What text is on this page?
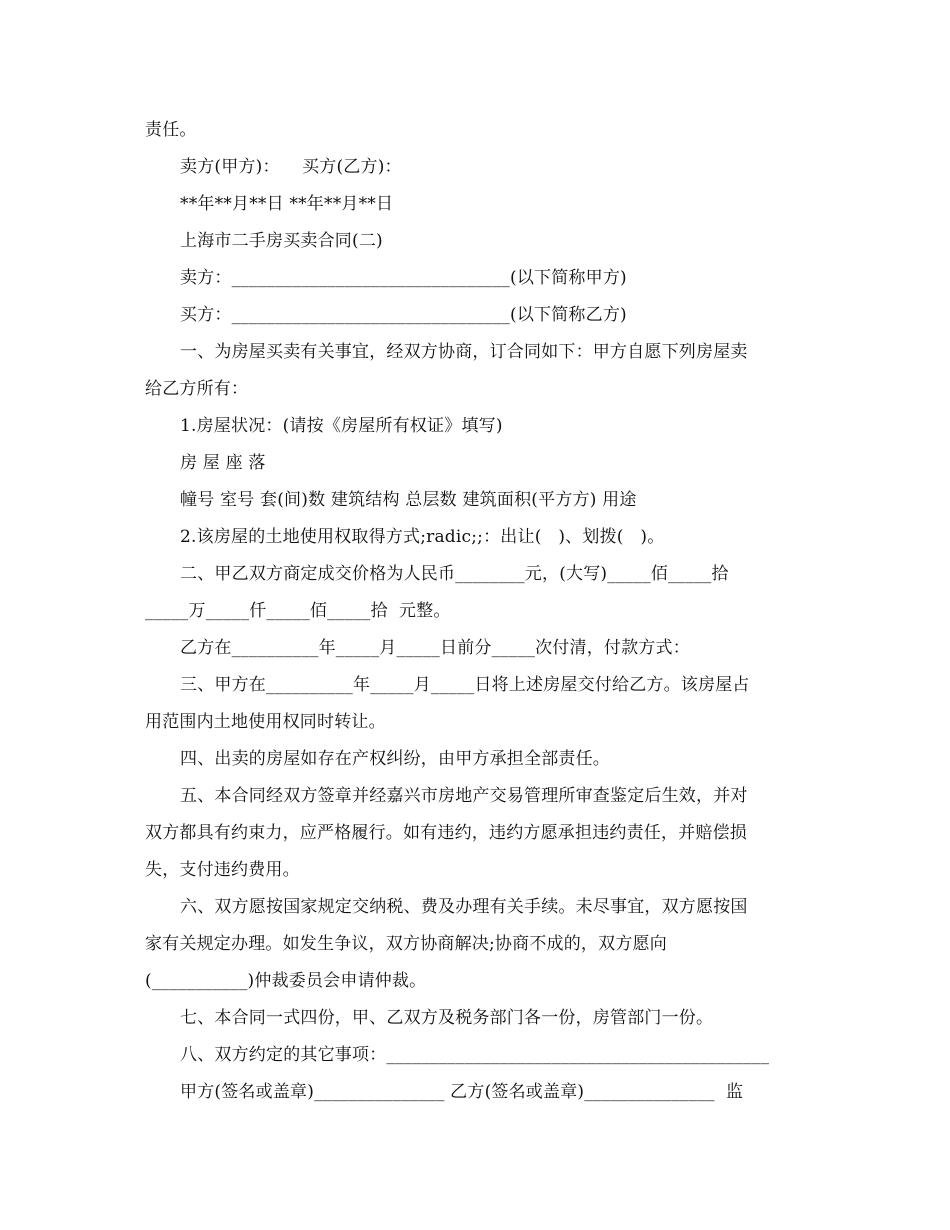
责任。
卖方(甲方)：    买方(乙方)：
**年**月**日 **年**月**日
上海市二手房买卖合同(二)
卖方：________________________________(以下简称甲方)
买方：________________________________(以下简称乙方)
一、为房屋买卖有关事宜，经双方协商，订合同如下：甲方自愿下列房屋卖
给乙方所有：
1.房屋状况：(请按《房屋所有权证》填写)
房 屋 座 落
幢号 室号 套(间)数 建筑结构 总层数 建筑面积(平方方) 用途
2.该房屋的土地使用权取得方式;radic;;：出让(   )、划拨(   )。
二、甲乙双方商定成交价格为人民币________元，(大写)_____佰_____拾
_____万_____仟_____佰_____拾  元整。
乙方在__________年_____月_____日前分_____次付清，付款方式：
三、甲方在__________年_____月_____日将上述房屋交付给乙方。该房屋占
用范围内土地使用权同时转让。
四、出卖的房屋如存在产权纠纷，由甲方承担全部责任。
五、本合同经双方签章并经嘉兴市房地产交易管理所审查鉴定后生效，并对
双方都具有约束力，应严格履行。如有违约，违约方愿承担违约责任，并赔偿损
失，支付违约费用。
六、双方愿按国家规定交纳税、费及办理有关手续。未尽事宜，双方愿按国
家有关规定办理。如发生争议，双方协商解决;协商不成的，双方愿向
(___________)仲裁委员会申请仲裁。
七、本合同一式四份，甲、乙双方及税务部门各一份，房管部门一份。
八、双方约定的其它事项：____________________________________________
甲方(签名或盖章)_______________ 乙方(签名或盖章)_______________  监
